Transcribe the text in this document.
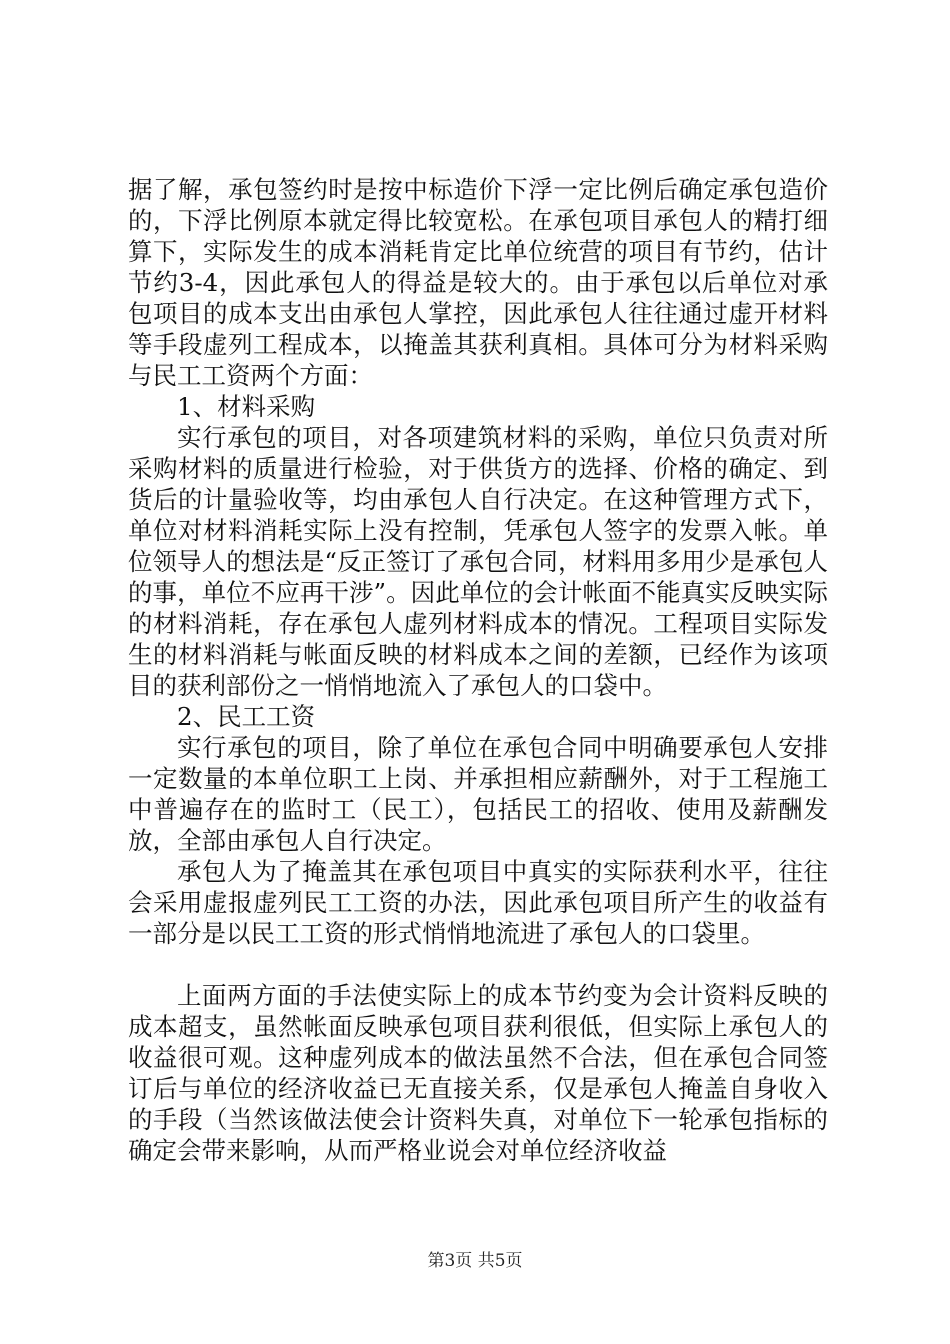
据了解，承包签约时是按中标造价下浮一定比例后确定承包造价的，下浮比例原本就定得比较宽松。在承包项目承包人的精打细算下，实际发生的成本消耗肯定比单位统营的项目有节约，估计节约3-4，因此承包人的得益是较大的。由于承包以后单位对承包项目的成本支出由承包人掌控，因此承包人往往通过虚开材料等手段虚列工程成本，以掩盖其获利真相。具体可分为材料采购与民工工资两个方面：

1、材料采购

实行承包的项目，对各项建筑材料的采购，单位只负责对所采购材料的质量进行检验，对于供货方的选择、价格的确定、到货后的计量验收等，均由承包人自行决定。在这种管理方式下，单位对材料消耗实际上没有控制，凭承包人签字的发票入帐。单位领导人的想法是“反正签订了承包合同，材料用多用少是承包人的事，单位不应再干涉”。因此单位的会计帐面不能真实反映实际的材料消耗，存在承包人虚列材料成本的情况。工程项目实际发生的材料消耗与帐面反映的材料成本之间的差额，已经作为该项目的获利部份之一悄悄地流入了承包人的口袋中。

2、民工工资

实行承包的项目，除了单位在承包合同中明确要承包人安排一定数量的本单位职工上岗、并承担相应薪酬外，对于工程施工中普遍存在的监时工（民工），包括民工的招收、使用及薪酬发放，全部由承包人自行决定。

承包人为了掩盖其在承包项目中真实的实际获利水平，往往会采用虚报虚列民工工资的办法，因此承包项目所产生的收益有一部分是以民工工资的形式悄悄地流进了承包人的口袋里。

上面两方面的手法使实际上的成本节约变为会计资料反映的成本超支，虽然帐面反映承包项目获利很低，但实际上承包人的收益很可观。这种虚列成本的做法虽然不合法，但在承包合同签订后与单位的经济收益已无直接关系，仅是承包人掩盖自身收入的手段（当然该做法使会计资料失真，对单位下一轮承包指标的确定会带来影响，从而严格业说会对单位经济收益

第3页 共5页
